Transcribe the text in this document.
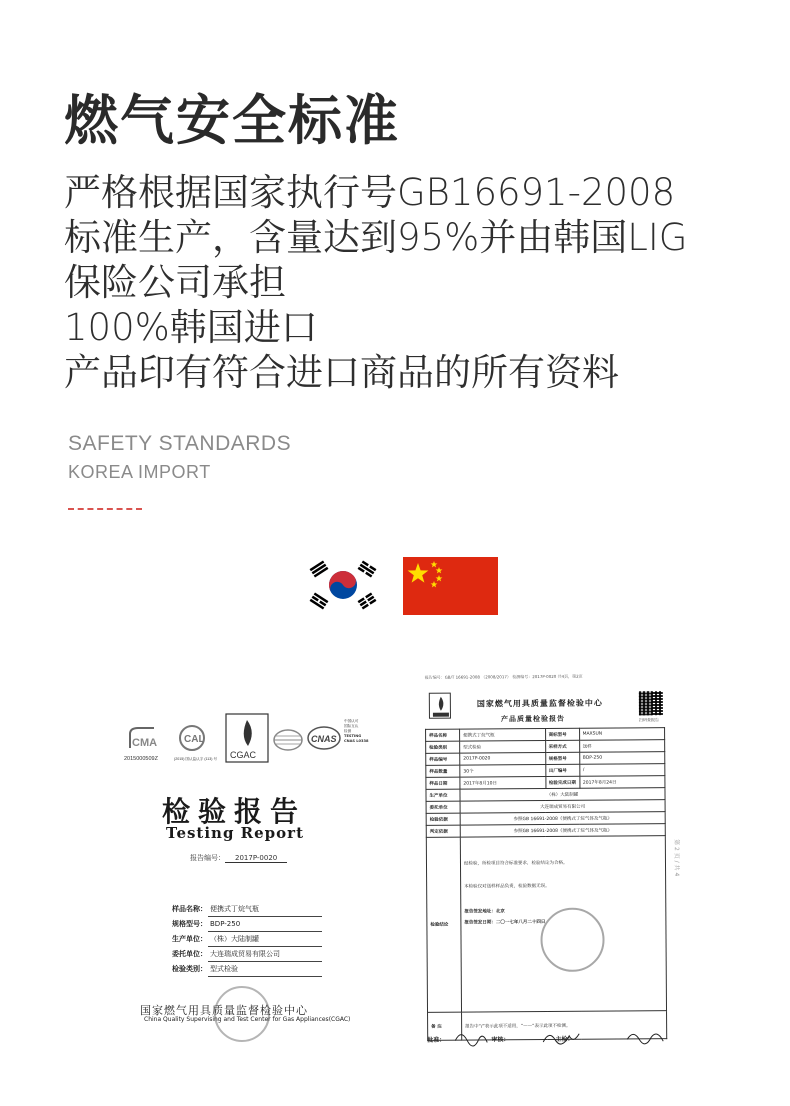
燃气安全标准
严格根据国家执行号GB16691-2008
标准生产，含量达到95%并由韩国LIG
保险公司承担
100%韩国进口
产品印有符合进口商品的所有资料
SAFETY STANDARDS
KOREA IMPORT
CMA
2015000509Z
CAL
(2015) 国认监认字 (113) 号 CGAC
CNAS
中国认可
国际互认
检测
TESTING
CNAS L0338
检验报告
Testing Report
报告编号： 2017P-0020
样品名称： 便携式丁烷气瓶
规格型号： BDP-250
生产单位： （株）大陆制罐
委托单位： 大连瑞成贸易有限公司
检验类别： 型式检验
国家燃气用具质量监督检验中心
China Quality Supervising and Test Center for Gas Appliances(CGAC)
报告编号：GB/T 16691-2008 （2008/2017） 检测编号：2017P-0020 共4页，第2页
国家燃气用具质量监督检验中心
产品质量检验报告	扫码查报告
样品名称	便携式丁烷气瓶	商标型号	MAXSUN
检验类别	型式检验	采样方式	送样
样品编号	2017P-0020	规格型号	BDP-250
样品数量	30个	出厂编号	/
样品日期	2017年8月10日	检验完成日期	2017年8月24日
生产单位	（株）大陆制罐		
委托单位	大连瑞成贸易有限公司		
检验依据	参照GB 16691-2008《便携式丁烷气体及气瓶》		
判定依据	参照GB 16691-2008《便携式丁烷气体及气瓶》		
检验结论	经检验，所检项目符合标准要求，检验结论为合格。
本检验仅对送样样品负责，检验数据无误。
报告签发地址：北京
报告签发日期：二〇一七年八月二十四日		

备 注	报告中“/”表示此项不适用，“——”表示此项不检测。		
批准：	审核：	主检：
第 2 页 / 共 4
